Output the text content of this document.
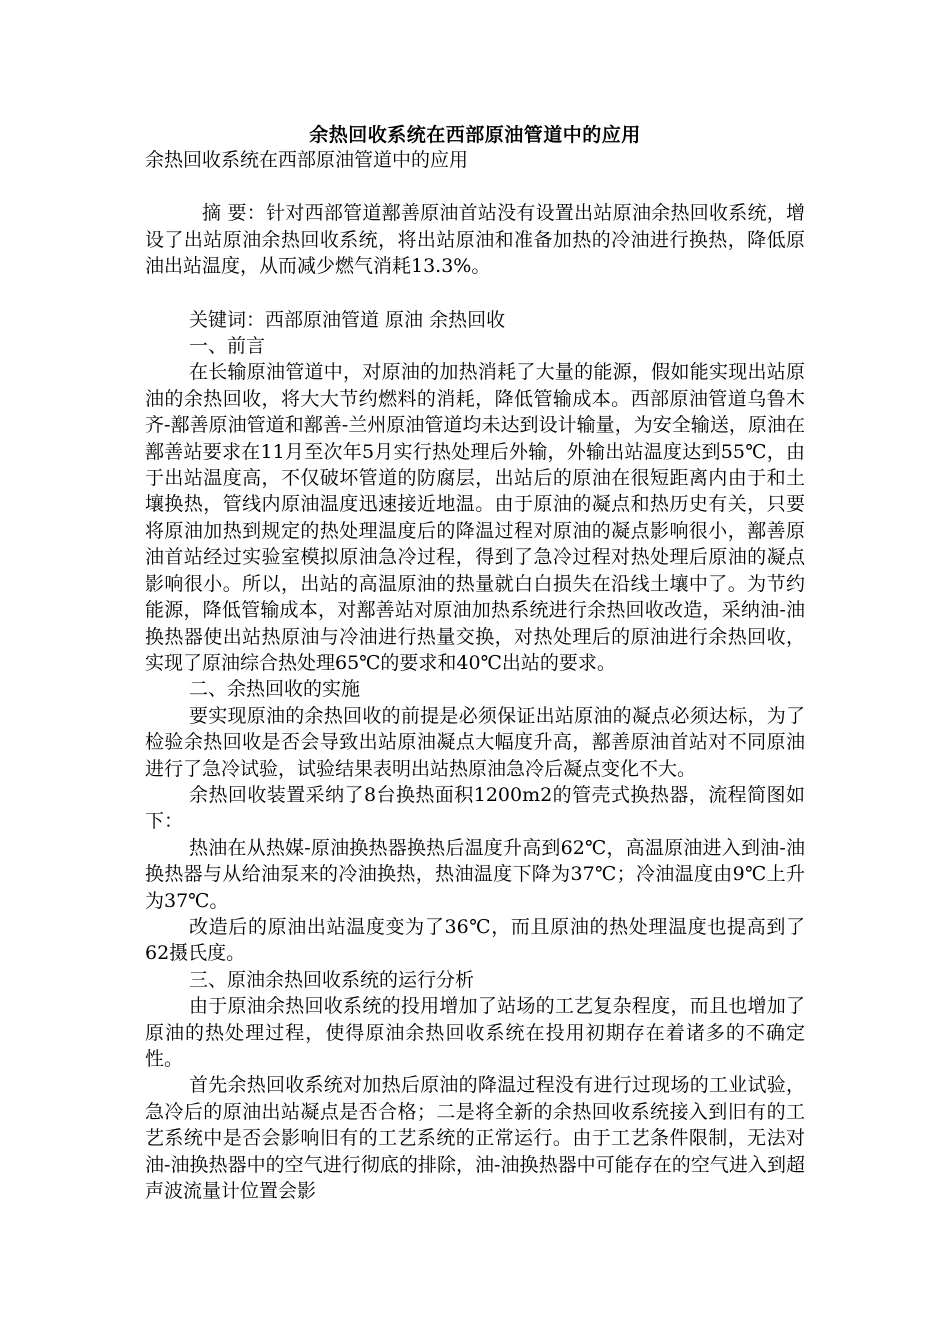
余热回收系统在西部原油管道中的应用

余热回收系统在西部原油管道中的应用

摘 要：针对西部管道鄯善原油首站没有设置出站原油余热回收系统，增设了出站原油余热回收系统，将出站原油和准备加热的冷油进行换热，降低原油出站温度，从而减少燃气消耗13.3%。

关键词：西部原油管道 原油 余热回收

一、前言

在长输原油管道中，对原油的加热消耗了大量的能源，假如能实现出站原油的余热回收，将大大节约燃料的消耗，降低管输成本。西部原油管道乌鲁木齐-鄯善原油管道和鄯善-兰州原油管道均未达到设计输量，为安全输送，原油在鄯善站要求在11月至次年5月实行热处理后外输，外输出站温度达到55℃，由于出站温度高，不仅破坏管道的防腐层，出站后的原油在很短距离内由于和土壤换热，管线内原油温度迅速接近地温。由于原油的凝点和热历史有关，只要将原油加热到规定的热处理温度后的降温过程对原油的凝点影响很小，鄯善原油首站经过实验室模拟原油急冷过程，得到了急冷过程对热处理后原油的凝点影响很小。所以，出站的高温原油的热量就白白损失在沿线土壤中了。为节约能源，降低管输成本，对鄯善站对原油加热系统进行余热回收改造，采纳油-油换热器使出站热原油与冷油进行热量交换，对热处理后的原油进行余热回收，实现了原油综合热处理65℃的要求和40℃出站的要求。

二、余热回收的实施

要实现原油的余热回收的前提是必须保证出站原油的凝点必须达标，为了检验余热回收是否会导致出站原油凝点大幅度升高，鄯善原油首站对不同原油进行了急冷试验，试验结果表明出站热原油急冷后凝点变化不大。

余热回收装置采纳了8台换热面积1200m2的管壳式换热器，流程简图如下：

热油在从热媒-原油换热器换热后温度升高到62℃，高温原油进入到油-油换热器与从给油泵来的冷油换热，热油温度下降为37℃；冷油温度由9℃上升为37℃。

改造后的原油出站温度变为了36℃，而且原油的热处理温度也提高到了62摄氏度。

三、原油余热回收系统的运行分析

由于原油余热回收系统的投用增加了站场的工艺复杂程度，而且也增加了原油的热处理过程，使得原油余热回收系统在投用初期存在着诸多的不确定性。

首先余热回收系统对加热后原油的降温过程没有进行过现场的工业试验，急冷后的原油出站凝点是否合格；二是将全新的余热回收系统接入到旧有的工艺系统中是否会影响旧有的工艺系统的正常运行。由于工艺条件限制，无法对油-油换热器中的空气进行彻底的排除，油-油换热器中可能存在的空气进入到超声波流量计位置会影
